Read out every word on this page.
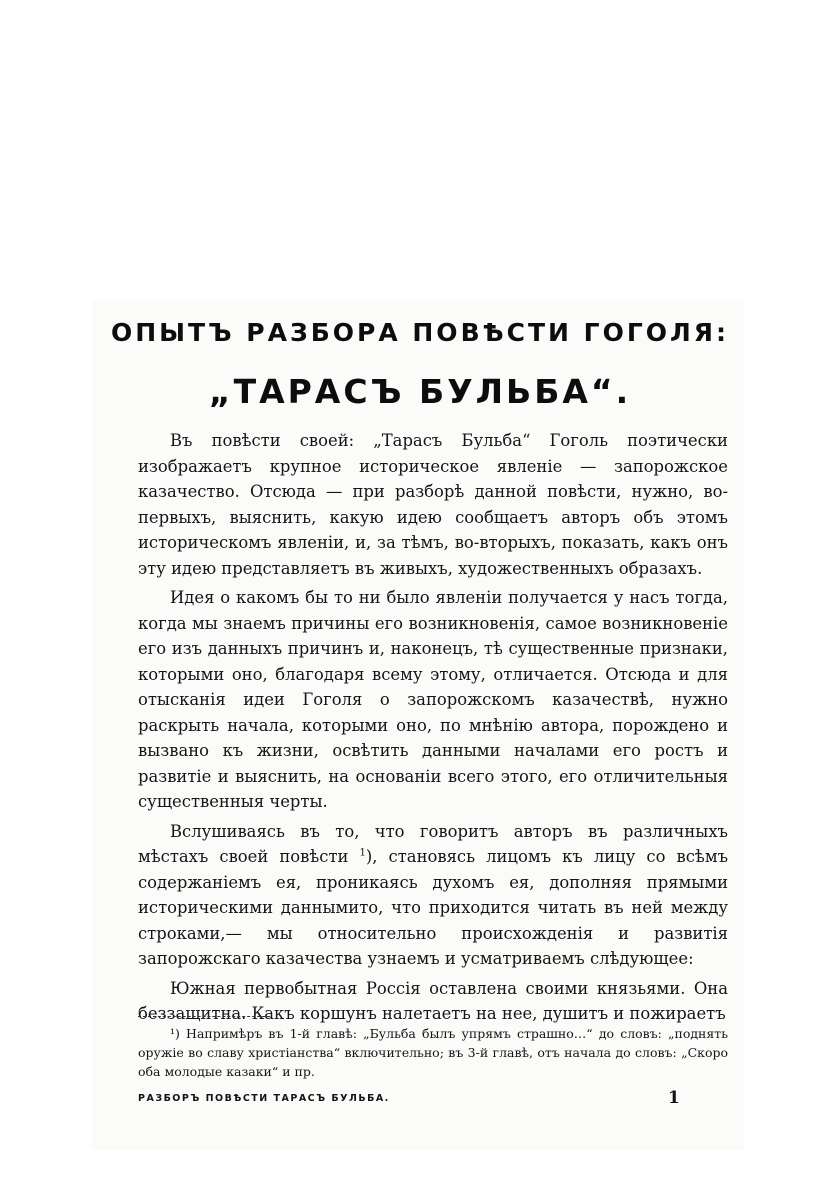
ОПЫТЪ РАЗБОРА ПОВѢСТИ ГОГОЛЯ:
„ТАРАСЪ БУЛЬБА“.

Въ повѣсти своей: „Тарасъ Бульба“ Гоголь поэтически изображаетъ крупное историческое явленіе — запорожское казачество. Отсюда — при разборѣ данной повѣсти, нужно, во-первыхъ, выяснить, какую идею сообщаетъ авторъ объ этомъ историческомъ явленіи, и, за тѣмъ, во-вторыхъ, показать, какъ онъ эту идею представляетъ въ живыхъ, художественныхъ образахъ.

Идея о какомъ бы то ни было явленіи получается у насъ тогда, когда мы знаемъ причины его возникновенія, самое возникновеніе его изъ данныхъ причинъ и, наконецъ, тѣ существенные признаки, которыми оно, благодаря всему этому, отличается. Отсюда и для отысканія идеи Гоголя о запорожскомъ казачествѣ, нужно раскрыть начала, которыми оно, по мнѣнію автора, порождено и вызвано къ жизни, освѣтить данными началами его ростъ и развитіе и выяснить, на основаніи всего этого, его отличительныя существенныя черты.

Вслушиваясь въ то, что говоритъ авторъ въ различныхъ мѣстахъ своей повѣсти $^1$), становясь лицомъ къ лицу со всѣмъ содержаніемъ ея, проникаясь духомъ ея, дополняя прямыми историческими даннымито, что приходится читать въ ней между строками,— мы относительно происхожденія и развитія запорожскаго казачества узнаемъ и усматриваемъ слѣдующее:

Южная первобытная Россія оставлена своими князьями. Она беззащитна. Какъ коршунъ налетаетъ на нее, душитъ и пожираетъ

¹) Напримѣръ въ 1-й главѣ: „Бульба былъ упрямъ страшно…“ до словъ: „поднять оружіе во славу христіанства“ включительно; въ 3-й главѣ, отъ начала до словъ: „Скоро оба молодые казаки“ и пр.

РАЗБОРЪ ПОВѢСТИ ТАРАСЪ БУЛЬБА.	1
